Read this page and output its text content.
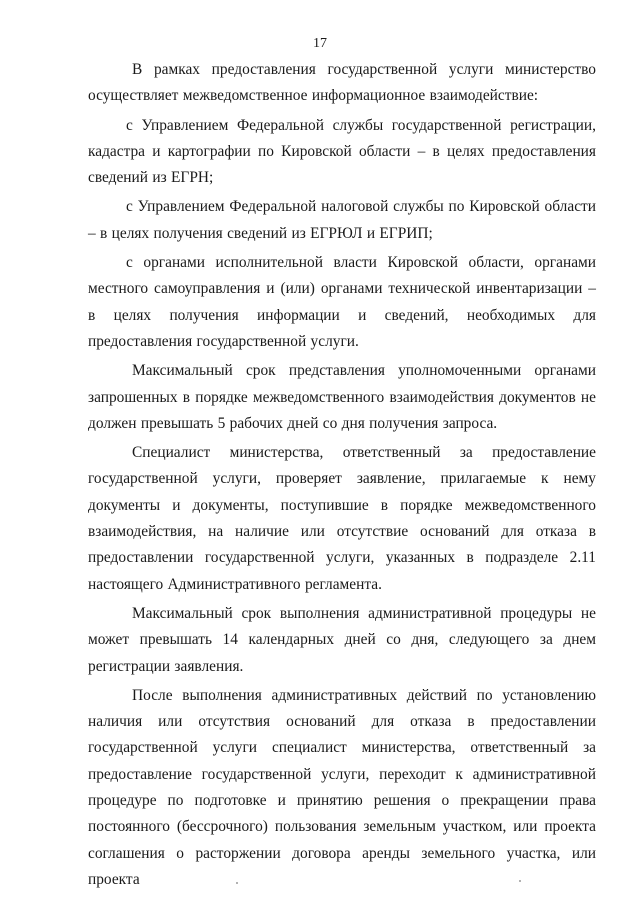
17

В рамках предоставления государственной услуги министерство осуществляет межведомственное информационное взаимодействие:

с Управлением Федеральной службы государственной регистрации, кадастра и картографии по Кировской области – в целях предоставления сведений из ЕГРН;

с Управлением Федеральной налоговой службы по Кировской области – в целях получения сведений из ЕГРЮЛ и ЕГРИП;

с органами исполнительной власти Кировской области, органами местного самоуправления и (или) органами технической инвентаризации – в целях получения информации и сведений, необходимых для предоставления государственной услуги.

Максимальный срок представления уполномоченными органами запрошенных в порядке межведомственного взаимодействия документов не должен превышать 5 рабочих дней со дня получения запроса.

Специалист министерства, ответственный за предоставление государственной услуги, проверяет заявление, прилагаемые к нему документы и документы, поступившие в порядке межведомственного взаимодействия, на наличие или отсутствие оснований для отказа в предоставлении государственной услуги, указанных в подразделе 2.11 настоящего Административного регламента.

Максимальный срок выполнения административной процедуры не может превышать 14 календарных дней со дня, следующего за днем регистрации заявления.

После выполнения административных действий по установлению наличия или отсутствия оснований для отказа в предоставлении государственной услуги специалист министерства, ответственный за предоставление государственной услуги, переходит к административной процедуре по подготовке и принятию решения о прекращении права постоянного (бессрочного) пользования земельным участком, или проекта соглашения о расторжении договора аренды земельного участка, или проекта
